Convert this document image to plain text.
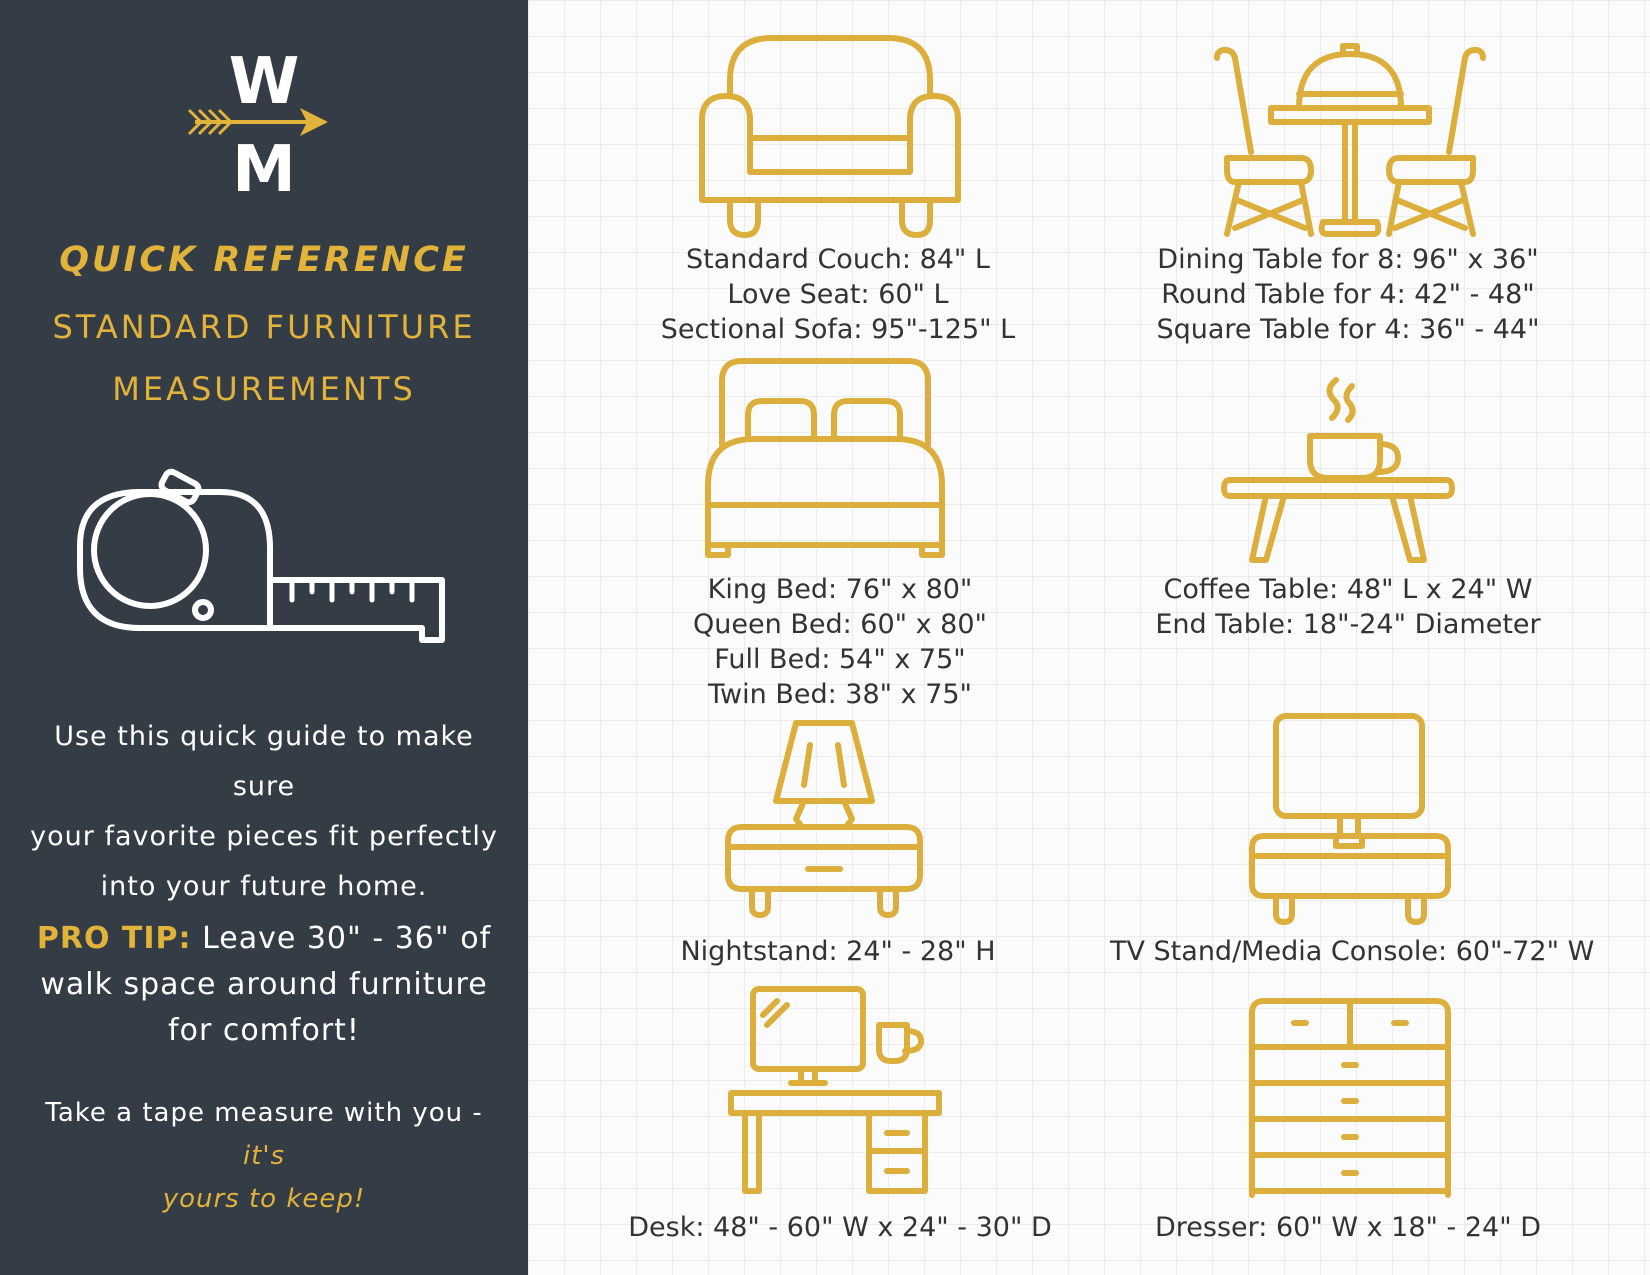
W
M
QUICK REFERENCE
STANDARD FURNITURE
MEASUREMENTS
Use this quick guide to make sure
your favorite pieces fit perfectly
into your future home.
PRO TIP: Leave 30" - 36" of
walk space around furniture
for comfort!
Take a tape measure with you - it's
yours to keep!
Standard Couch: 84" L
Love Seat: 60" L
Sectional Sofa: 95"-125" L
Dining Table for 8: 96" x 36"
Round Table for 4: 42" - 48"
Square Table for 4: 36" - 44"
King Bed: 76" x 80"
Queen Bed: 60" x 80"
Full Bed: 54" x 75"
Twin Bed: 38" x 75"
Coffee Table: 48" L x 24" W
End Table: 18"-24" Diameter
Nightstand: 24" - 28" H	TV Stand/Media Console: 60"-72" W
Desk: 48" - 60" W x 24" - 30" D	Dresser: 60" W x 18" - 24" D
